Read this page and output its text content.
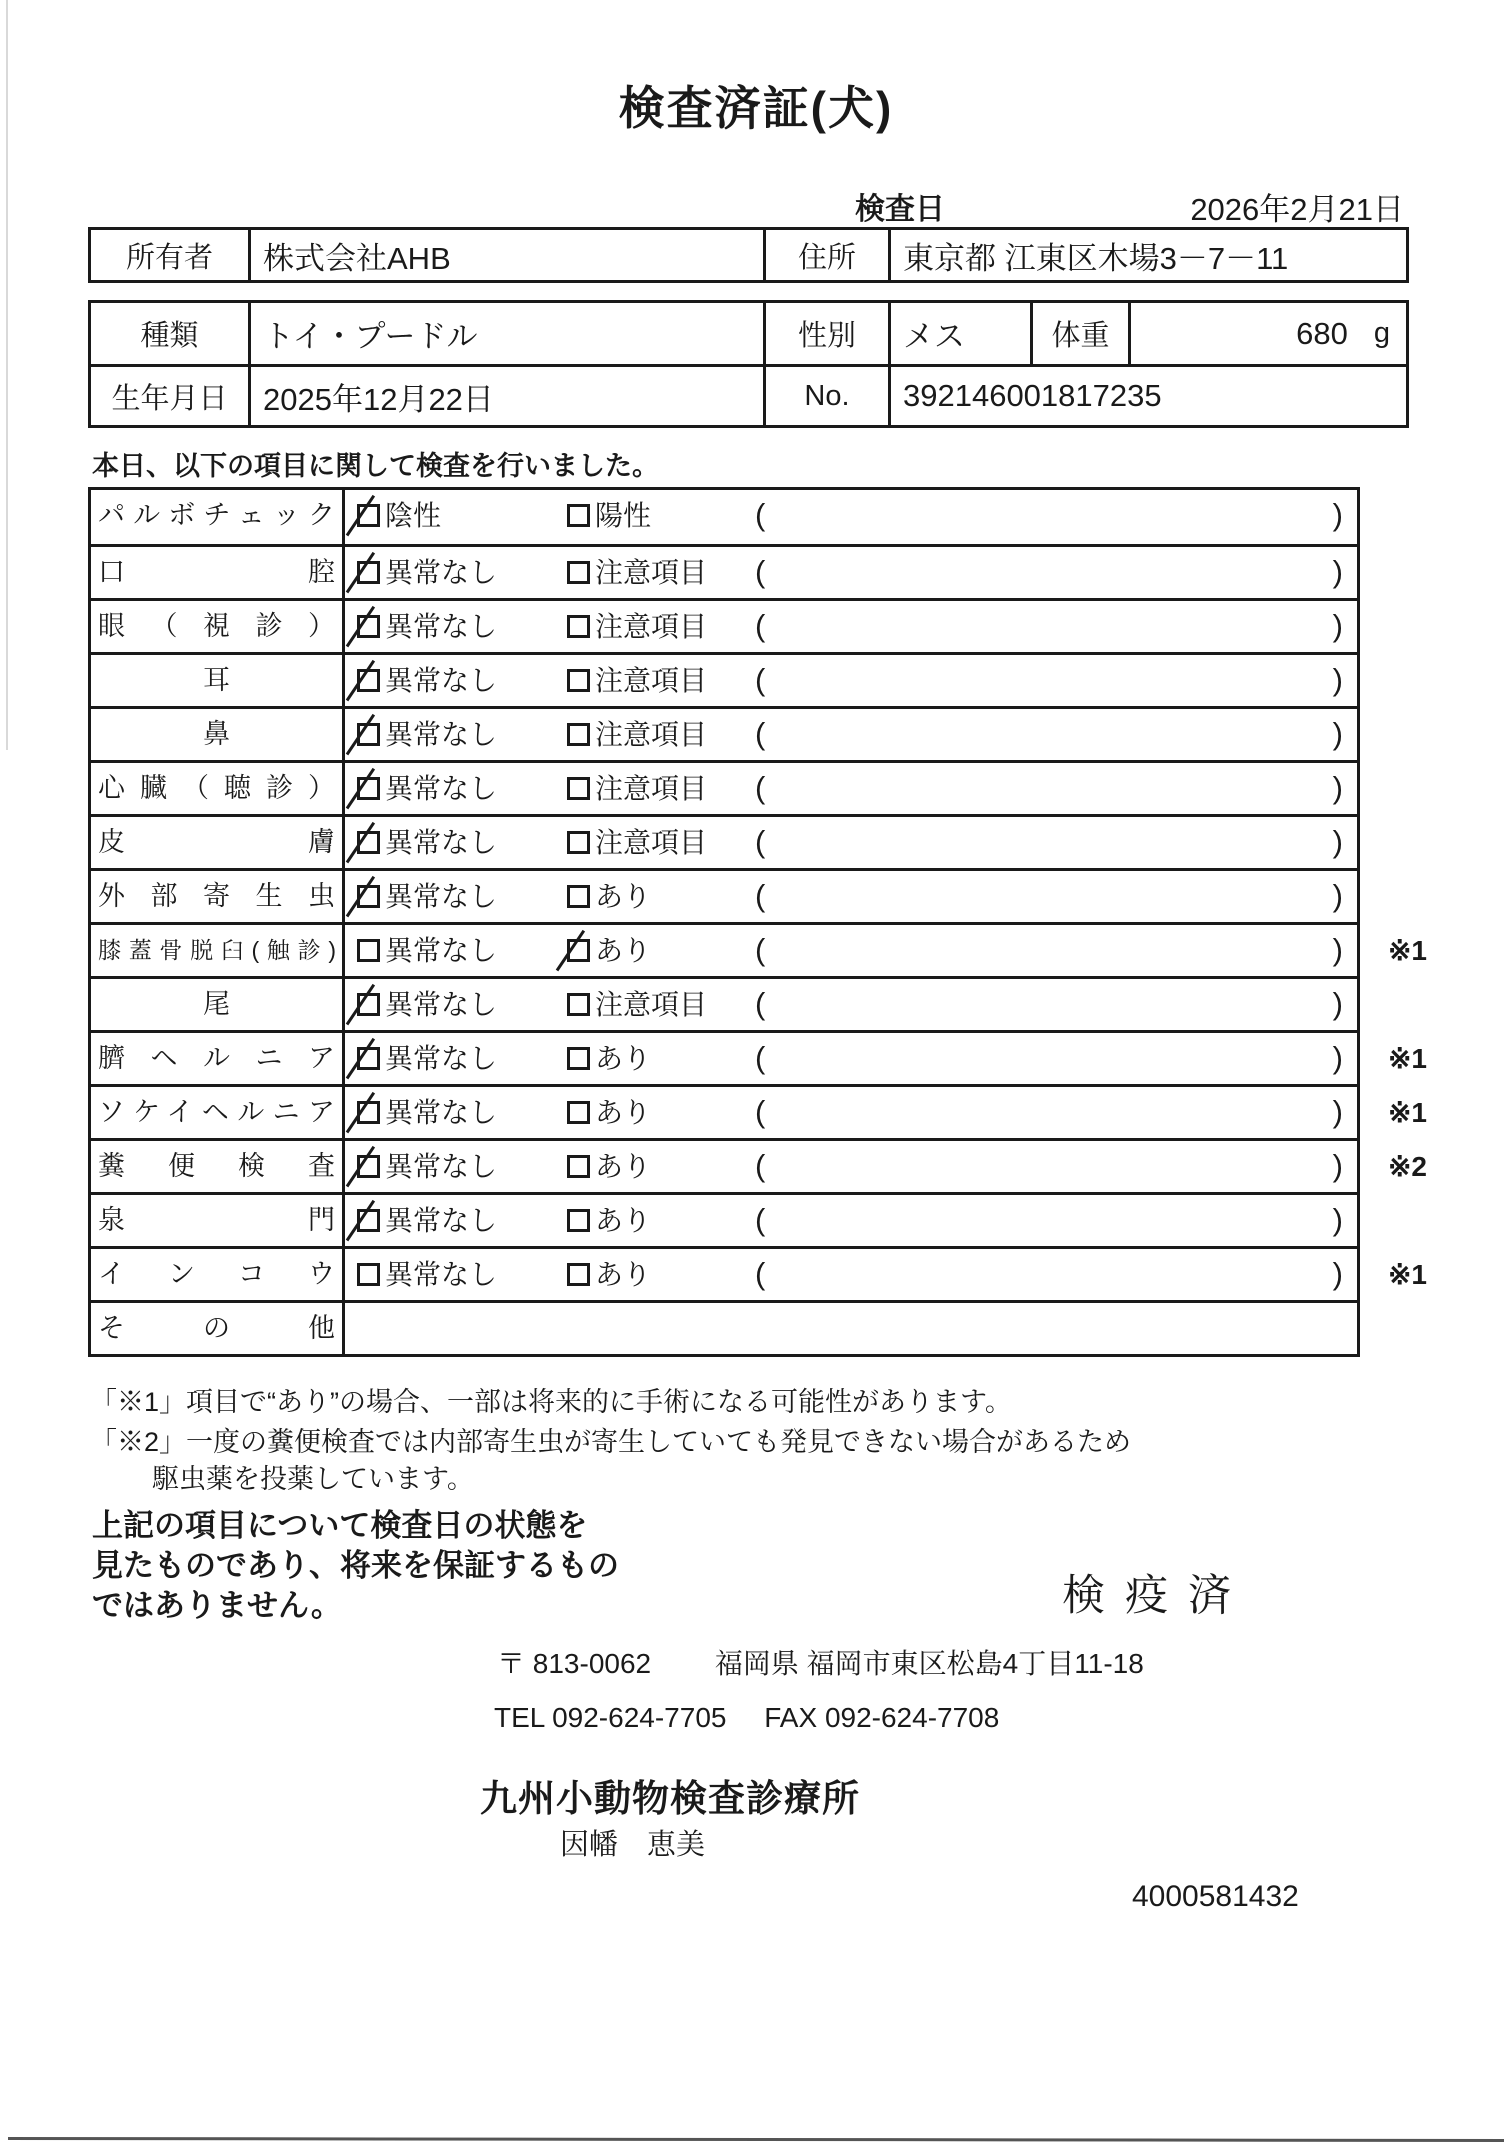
検査済証(犬)
検査日	2026年2月21日
所有者	株式会社AHB	住所	東京都 江東区木場3－7－11
種類	トイ・プードル	性別	メス	体重	680 g
生年月日	2025年12月22日	No.	392146001817235
本日、以下の項目に関して検査を行いました。
パルボチェック	陰性	陽性	(	)
口腔	異常なし	注意項目 (	)
眼（視診）	異常なし	注意項目 (	)
耳	異常なし	注意項目 (	)
鼻	異常なし	注意項目 (	)
心臓（聴診）	異常なし	注意項目 (	)
皮膚	異常なし	注意項目 (	)
外部寄生虫	異常なし	あり	(	)
膝蓋骨脱臼(触診)	異常なし	あり	(	) ※1
尾	異常なし	注意項目 (	)
臍ヘルニア	異常なし	あり	(	) ※1
ソケイヘルニア	異常なし	あり	(	) ※1
糞便検査	異常なし	あり	(	) ※2
泉門	異常なし	あり	(	)
インコウ	異常なし	あり	(	) ※1
その他
「※1」項目で“あり”の場合、一部は将来的に手術になる可能性があります。
「※2」一度の糞便検査では内部寄生虫が寄生していても発見できない場合があるため
駆虫薬を投薬しています。
上記の項目について検査日の状態を
見たものであり、将来を保証するもの
ではありません。	検疫済
〒 813-0062 福岡県 福岡市東区松島4丁目11-18
TEL 092-624-7705 FAX 092-624-7708
九州小動物検査診療所
因幡　恵美
4000581432
